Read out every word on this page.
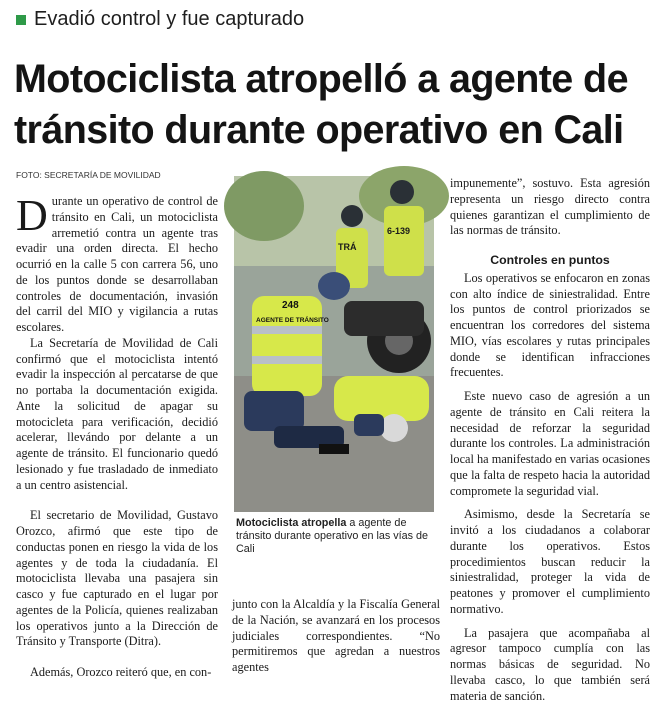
Evadió control y fue capturado
Motociclista atropelló a agente de tránsito durante operativo en Cali
FOTO: SECRETARÍA DE MOVILIDAD

Durante un operativo de control de tránsito en Cali, un motociclista arremetió contra un agente tras evadir una orden directa. El hecho ocurrió en la calle 5 con carrera 56, uno de los puntos donde se desarrollaban controles de documentación, invasión del carril del MIO y vigilancia a rutas escolares.

La Secretaría de Movilidad de Cali confirmó que el motociclista intentó evadir la inspección al percatarse de que no portaba la documentación exigida. Ante la solicitud de apagar su motocicleta para verificación, decidió acelerar, llevándo por delante a un agente de tránsito. El funcionario quedó lesionado y fue trasladado de inmediato a un centro asistencial.

El secretario de Movilidad, Gustavo Orozco, afirmó que este tipo de conductas ponen en riesgo la vida de los agentes y de toda la ciudadanía. El motociclista llevaba una pasajera sin casco y fue capturado en el lugar por agentes de la Policía, quienes realizaban los operativos junto a la Dirección de Tránsito y Transporte (Ditra).

Además, Orozco reiteró que, en con-

TRÁ
6-139
248
AGENTE DE TRÁNSITO
Motociclista atropella a agente de tránsito durante operativo en las vías de Cali

junto con la Alcaldía y la Fiscalía General de la Nación, se avanzará en los procesos judiciales correspondientes. “No permitiremos que agredan a nuestros agentes

impunemente”, sostuvo. Esta agresión representa un riesgo directo contra quienes garantizan el cumplimiento de las normas de tránsito.

Controles en puntos

Los operativos se enfocaron en zonas con alto índice de siniestralidad. Entre los puntos de control priorizados se encuentran los corredores del sistema MIO, vías escolares y rutas principales donde se identifican infracciones frecuentes.

Este nuevo caso de agresión a un agente de tránsito en Cali reitera la necesidad de reforzar la seguridad durante los controles. La administración local ha manifestado en varias ocasiones que la falta de respeto hacia la autoridad compromete la seguridad vial.

Asimismo, desde la Secretaría se invitó a los ciudadanos a colaborar durante los operativos. Estos procedimientos buscan reducir la siniestralidad, proteger la vida de peatones y promover el cumplimiento normativo.

La pasajera que acompañaba al agresor tampoco cumplía con las normas básicas de seguridad. No llevaba casco, lo que también será materia de sanción.
